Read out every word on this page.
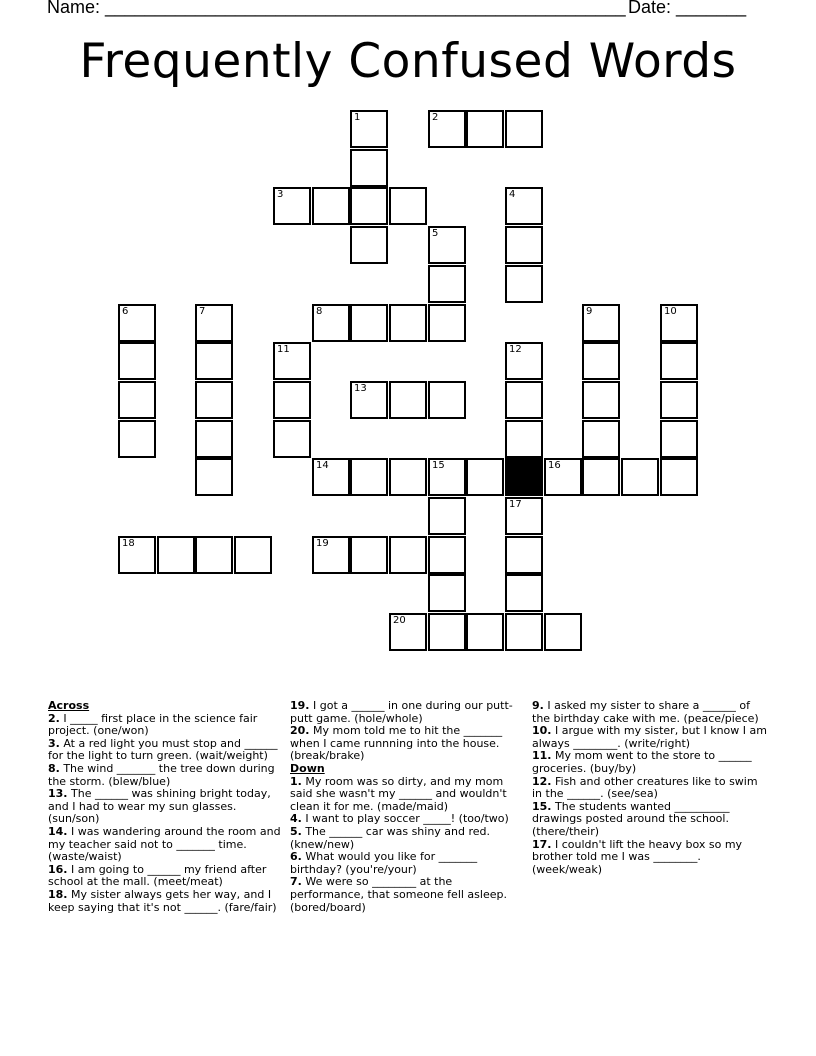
Name: ____________________________________________________ Date: _______
Frequently Confused Words
1	2
3	4
5
6	7	8	9	10
11	12
13
14	15	16
17
18	19
20
Across
2. I _____ first place in the science fair project. (one/won)
3. At a red light you must stop and ______ for the light to turn green. (wait/weight)
8. The wind _______ the tree down during the storm. (blew/blue)
13. The ______ was shining bright today, and I had to wear my sun glasses. (sun/son)
14. I was wandering around the room and my teacher said not to _______ time. (waste/waist)
16. I am going to ______ my friend after school at the mall. (meet/meat)
18. My sister always gets her way, and I keep saying that it's not ______. (fare/fair)
19. I got a ______ in one during our putt-putt game. (hole/whole)
20. My mom told me to hit the _______ when I came runnning into the house. (break/brake)
Down
1. My room was so dirty, and my mom said she wasn't my ______ and wouldn't clean it for me. (made/maid)
4. I want to play soccer _____! (too/two)
5. The ______ car was shiny and red. (knew/new)
6. What would you like for _______ birthday? (you're/your)
7. We were so ________ at the performance, that someone fell asleep. (bored/board)
9. I asked my sister to share a ______ of the birthday cake with me. (peace/piece)
10. I argue with my sister, but I know I am always ________. (write/right)
11. My mom went to the store to ______ groceries. (buy/by)
12. Fish and other creatures like to swim in the ______. (see/sea)
15. The students wanted __________ drawings posted around the school. (there/their)
17. I couldn't lift the heavy box so my brother told me I was ________. (week/weak)
